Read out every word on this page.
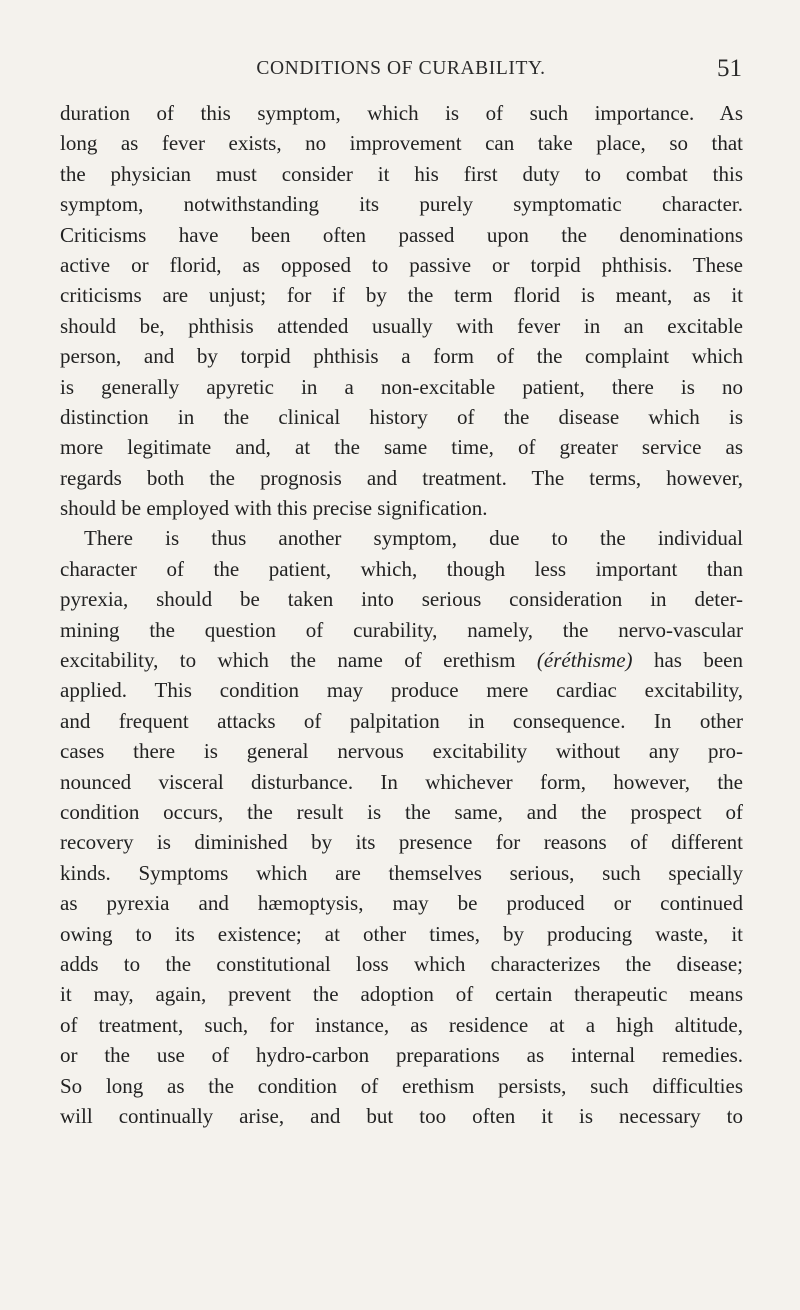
CONDITIONS OF CURABILITY.	51
duration of this symptom, which is of such importance. As
long as fever exists, no improvement can take place, so that
the physician must consider it his first duty to combat this
symptom, notwithstanding its purely symptomatic character.
Criticisms have been often passed upon the denominations
active or florid, as opposed to passive or torpid phthisis. These
criticisms are unjust; for if by the term florid is meant, as it
should be, phthisis attended usually with fever in an excitable
person, and by torpid phthisis a form of the complaint which
is generally apyretic in a non-excitable patient, there is no
distinction in the clinical history of the disease which is
more legitimate and, at the same time, of greater service as
regards both the prognosis and treatment. The terms, however,
should be employed with this precise signification.
There is thus another symptom, due to the individual
character of the patient, which, though less important than
pyrexia, should be taken into serious consideration in deter-
mining the question of curability, namely, the nervo-vascular
excitability, to which the name of erethism (éréthisme) has been
applied. This condition may produce mere cardiac excitability,
and frequent attacks of palpitation in consequence. In other
cases there is general nervous excitability without any pro-
nounced visceral disturbance. In whichever form, however, the
condition occurs, the result is the same, and the prospect of
recovery is diminished by its presence for reasons of different
kinds. Symptoms which are themselves serious, such specially
as pyrexia and hæmoptysis, may be produced or continued
owing to its existence; at other times, by producing waste, it
adds to the constitutional loss which characterizes the disease;
it may, again, prevent the adoption of certain therapeutic means
of treatment, such, for instance, as residence at a high altitude,
or the use of hydro-carbon preparations as internal remedies.
So long as the condition of erethism persists, such difficulties
will continually arise, and but too often it is necessary to
